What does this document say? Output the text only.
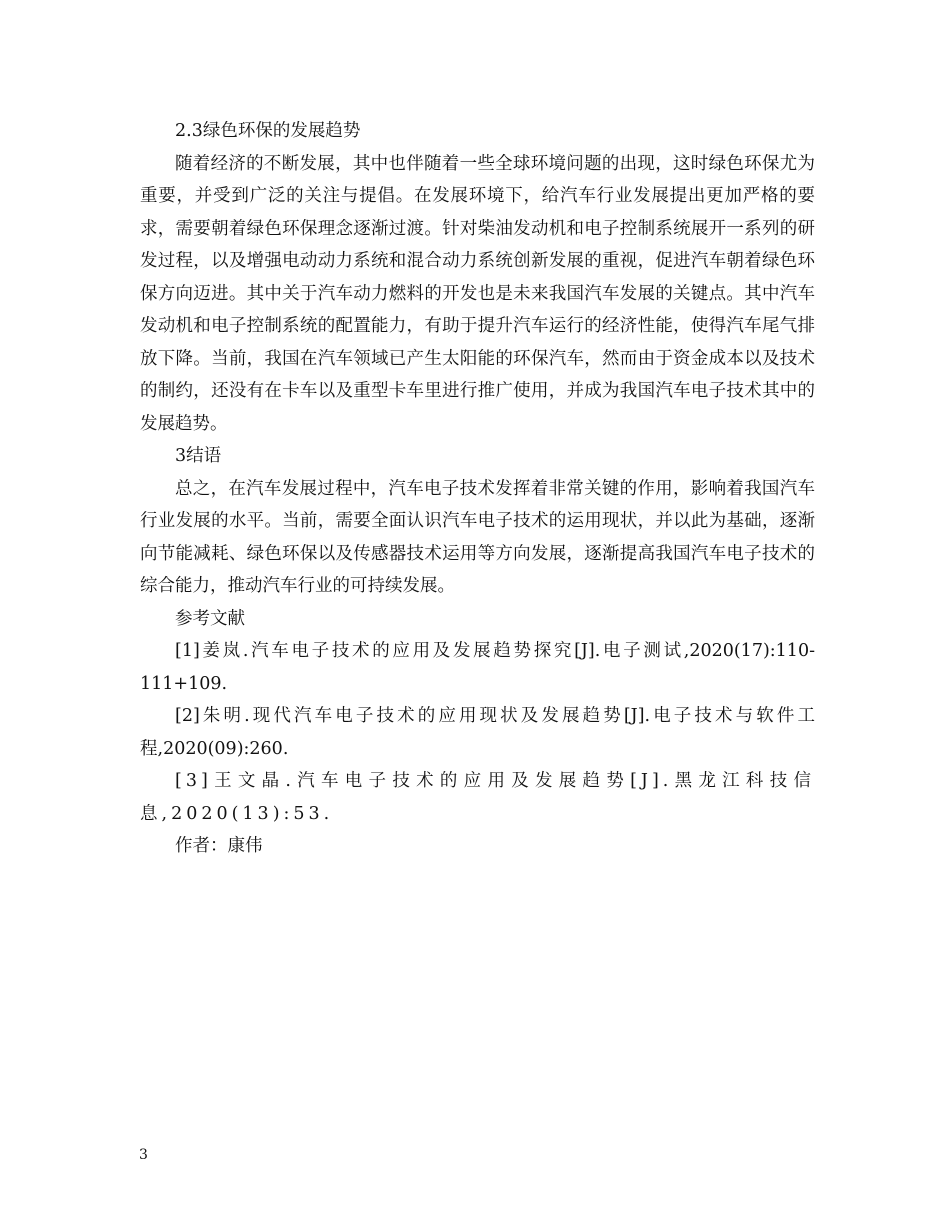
2.3绿色环保的发展趋势

随着经济的不断发展，其中也伴随着一些全球环境问题的出现，这时绿色环保尤为重要，并受到广泛的关注与提倡。在发展环境下，给汽车行业发展提出更加严格的要求，需要朝着绿色环保理念逐渐过渡。针对柴油发动机和电子控制系统展开一系列的研发过程，以及增强电动动力系统和混合动力系统创新发展的重视，促进汽车朝着绿色环保方向迈进。其中关于汽车动力燃料的开发也是未来我国汽车发展的关键点。其中汽车发动机和电子控制系统的配置能力，有助于提升汽车运行的经济性能，使得汽车尾气排放下降。当前，我国在汽车领域已产生太阳能的环保汽车，然而由于资金成本以及技术的制约，还没有在卡车以及重型卡车里进行推广使用，并成为我国汽车电子技术其中的发展趋势。

3结语

总之，在汽车发展过程中，汽车电子技术发挥着非常关键的作用，影响着我国汽车行业发展的水平。当前，需要全面认识汽车电子技术的运用现状，并以此为基础，逐渐向节能减耗、绿色环保以及传感器技术运用等方向发展，逐渐提高我国汽车电子技术的综合能力，推动汽车行业的可持续发展。

参考文献

[1]姜岚.汽车电子技术的应用及发展趋势探究[J].电子测试,2020(17):110-111+109.

[2]朱明.现代汽车电子技术的应用现状及发展趋势[J].电子技术与软件工程,2020(09):260.

[3]王文晶.汽车电子技术的应用及发展趋势[J].黑龙江科技信息,2020(13):53.

作者：康伟

3
